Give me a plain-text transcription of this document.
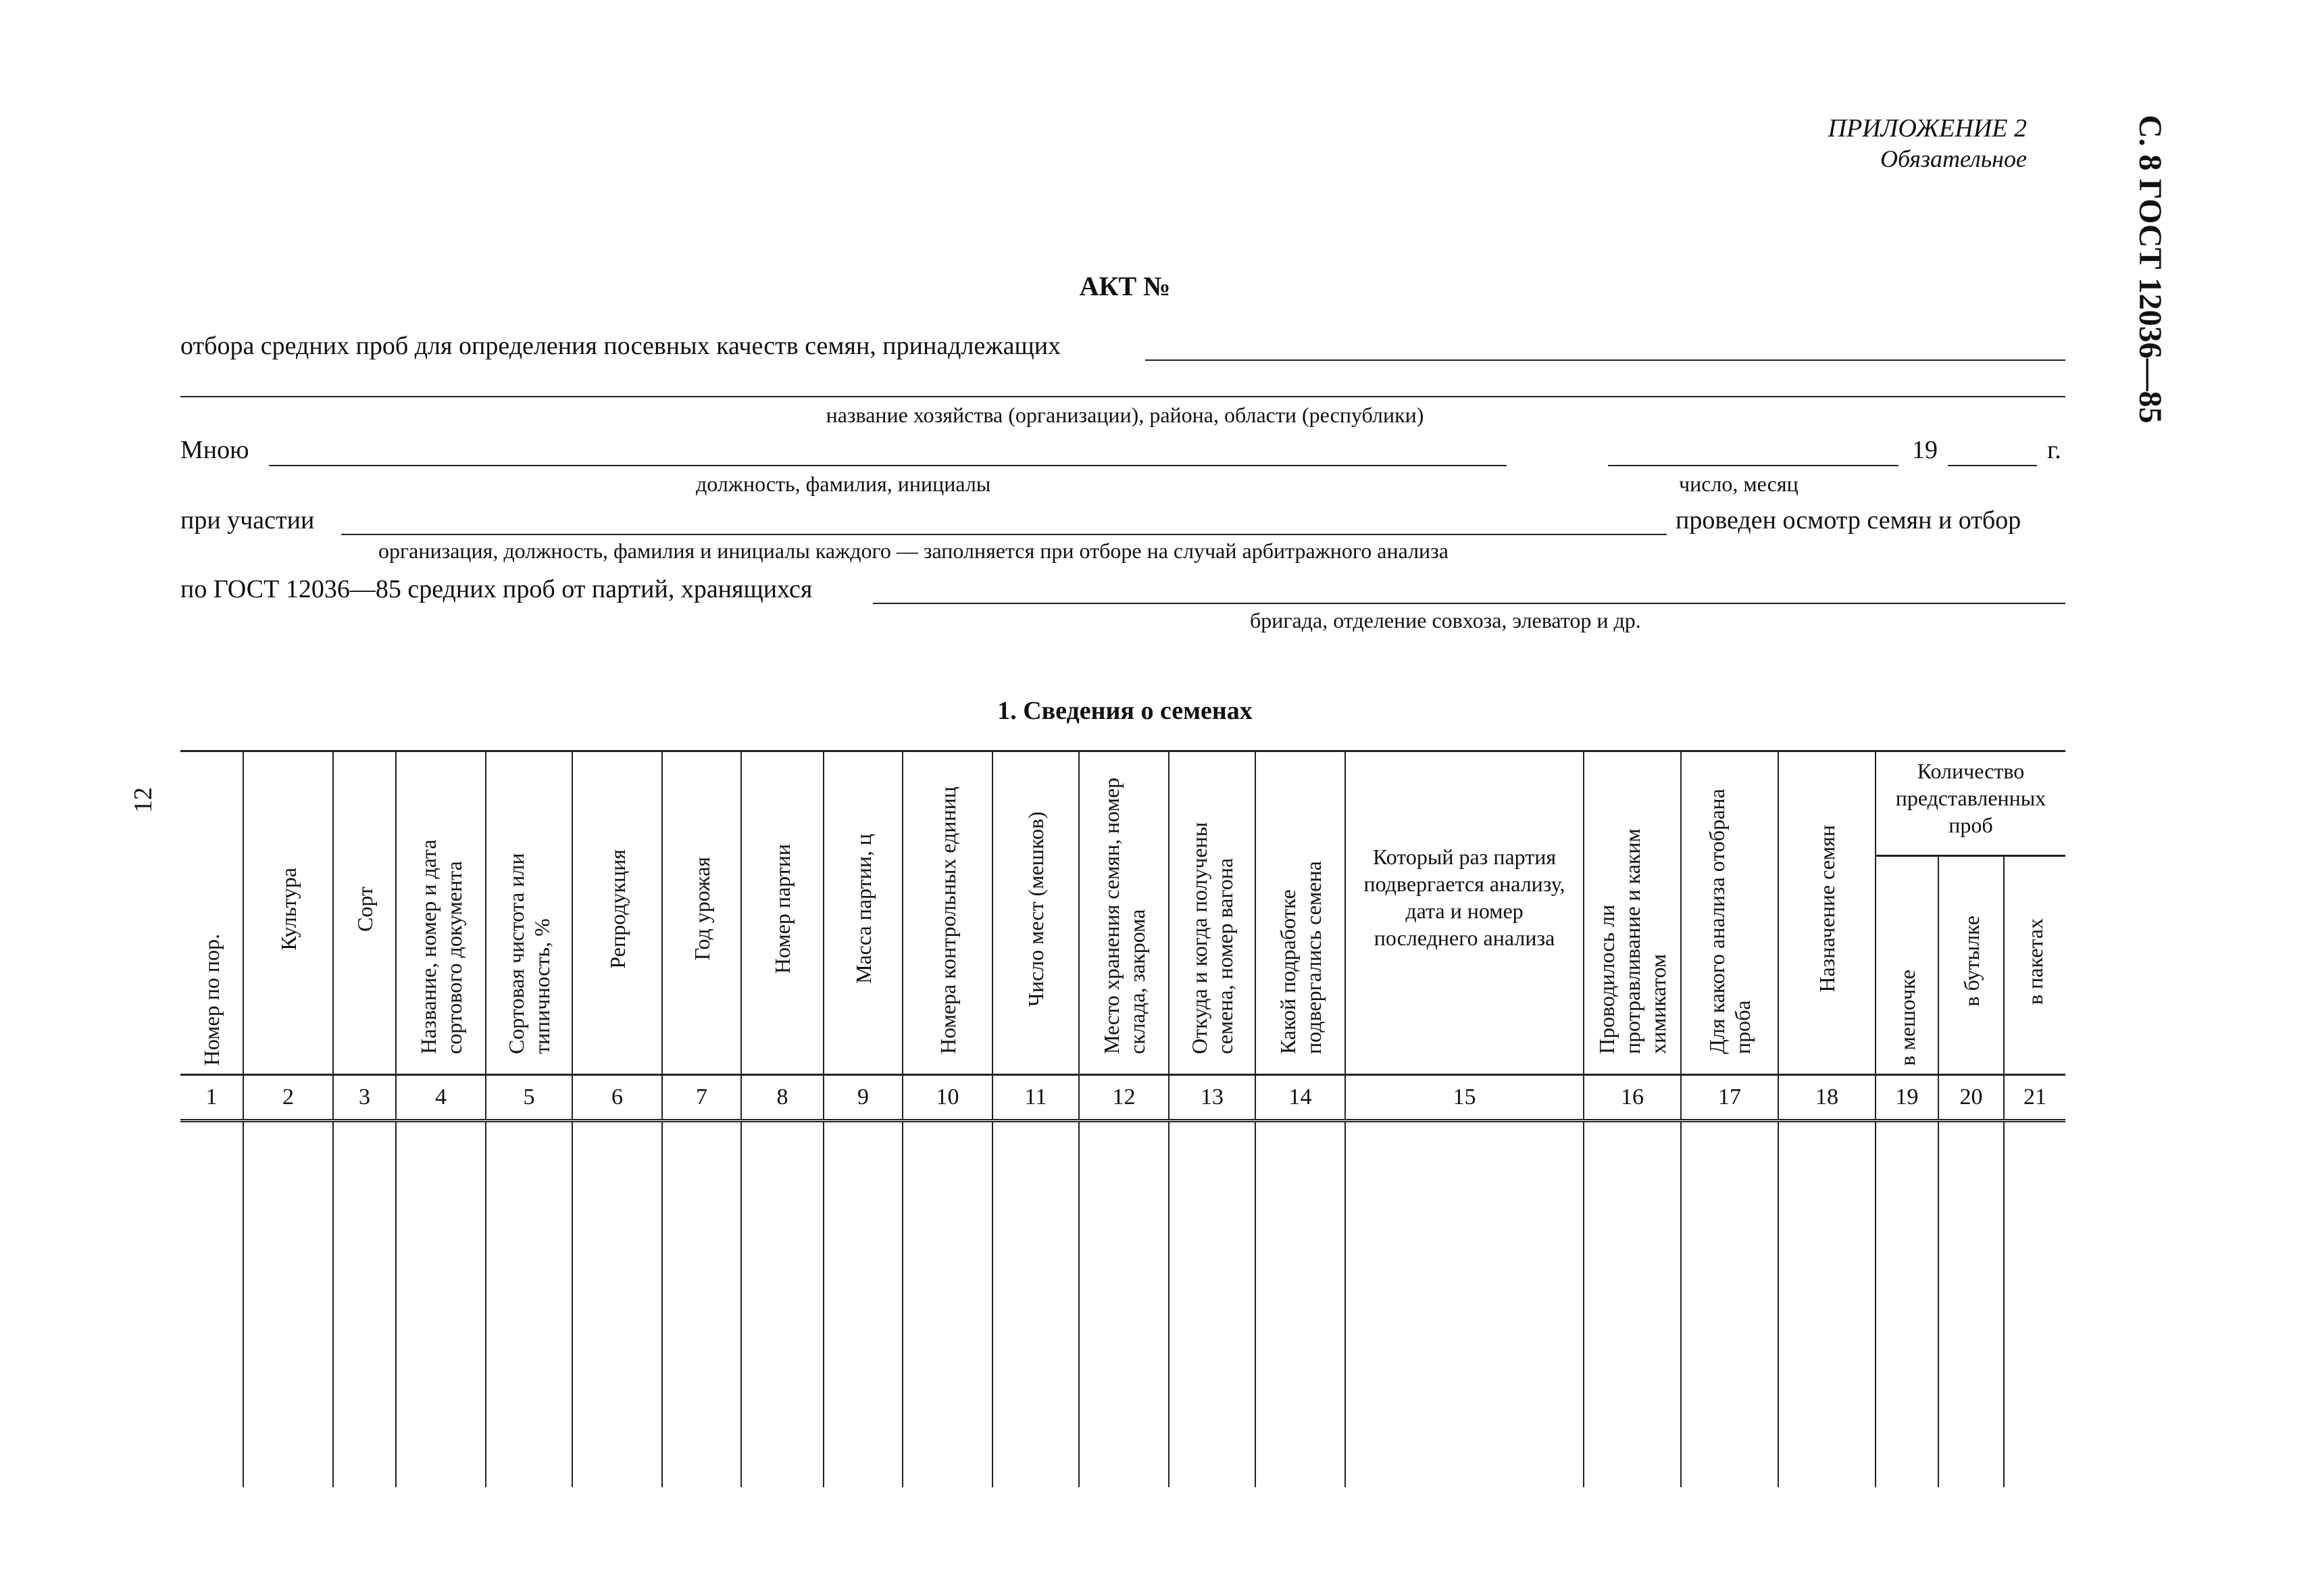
ПРИЛОЖЕНИЕ 2
Обязательное	С. 8 ГОСТ 12036—85
12
АКТ №
отбора средних проб для определения посевных качеств семян, принадлежащих
название хозяйства (организации), района, области (республики)
Мною	19	г.
должность, фамилия, инициалы	число, месяц
при участии	проведен осмотр семян и отбор
организация, должность, фамилия и инициалы каждого — заполняется при отборе на случай арбитражного анализа
по ГОСТ 12036—85 средних проб от партий, хранящихся
бригада, отделение совхоза, элеватор и др.
1. Сведения о семенах
Номер по пор.	Культура	Сорт	Название, номер и дата сортового документа	Сортовая чистота или типичность, %	Репродукция	Год урожая	Номер партии	Масса партии, ц	Номера контрольных единиц	Число мест (мешков)	Место хранения семян, номер склада, закрома	Откуда и когда получены семена, номер вагона	Какой подработке подвергались семена	Который раз партия подвергается анализу, дата и номер последнего анализа	Проводилось ли протравливание и каким химикатом	Для какого анализа отобрана проба	Назначение семян	Количество представленных проб		

																		в мешочке	в бутылке	в пакетах

1	2	3	4	5	6	7	8	9	10	11	12	13	14	15	16	17	18	19	20	21
